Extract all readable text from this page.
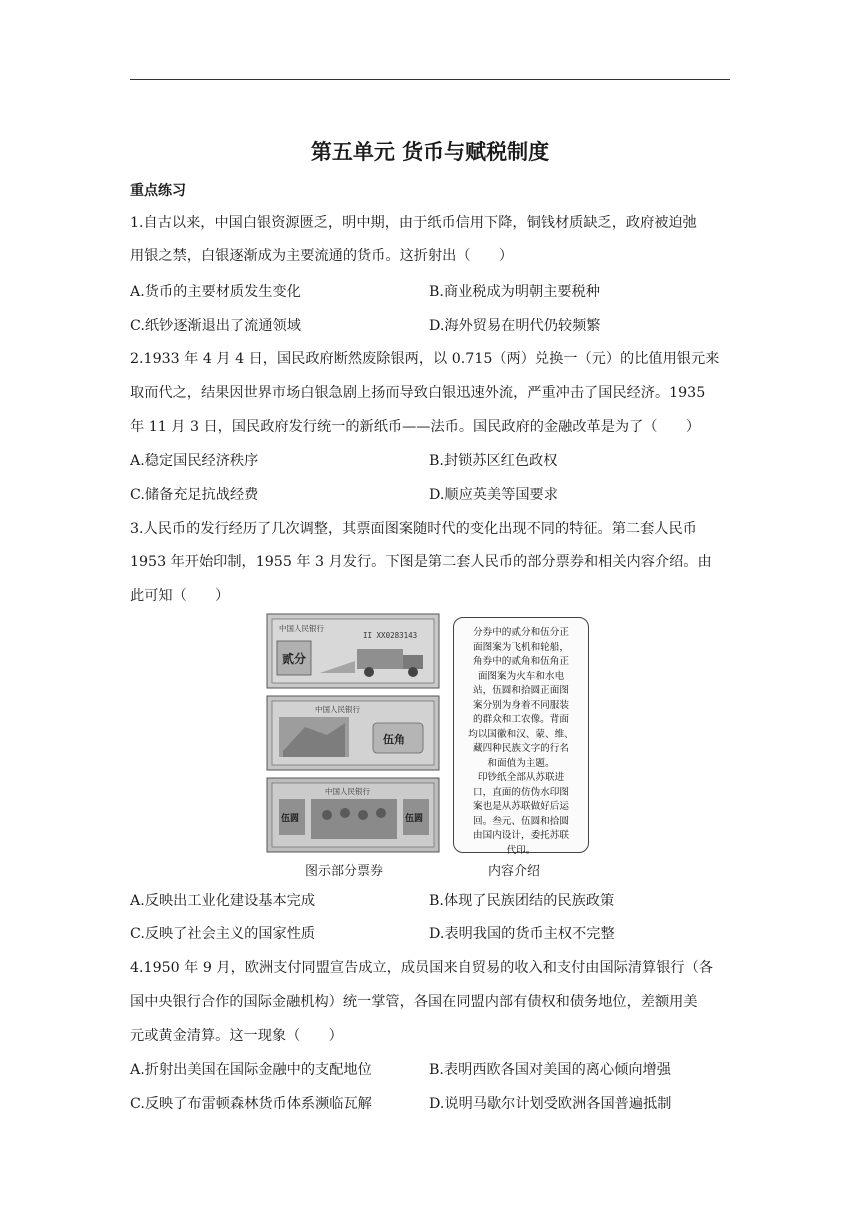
第五单元 货币与赋税制度
重点练习
1.自古以来，中国白银资源匮乏，明中期，由于纸币信用下降，铜钱材质缺乏，政府被迫弛
用银之禁，白银逐渐成为主要流通的货币。这折射出（　　）
A.货币的主要材质发生变化	B.商业税成为明朝主要税种
C.纸钞逐渐退出了流通领域	D.海外贸易在明代仍较频繁
2.1933 年 4 月 4 日，国民政府断然废除银两，以 0.715（两）兑换一（元）的比值用银元来
取而代之，结果因世界市场白银急剧上扬而导致白银迅速外流，严重冲击了国民经济。1935
年 11 月 3 日，国民政府发行统一的新纸币——法币。国民政府的金融改革是为了（　　）
A.稳定国民经济秩序	B.封锁苏区红色政权
C.储备充足抗战经费	D.顺应英美等国要求
3.人民币的发行经历了几次调整，其票面图案随时代的变化出现不同的特征。第二套人民币
1953 年开始印制，1955 年 3 月发行。下图是第二套人民币的部分票券和相关内容介绍。由
此可知（　　）
中国人民银行
II XX0283143
贰分
中国人民银行
伍角
中国人民银行
伍圆	伍圆
分券中的贰分和伍分正
面图案为飞机和轮船，
角券中的贰角和伍角正
面图案为火车和水电
站，伍圆和拾圆正面图
案分别为身着不同服装
的群众和工农像。背面
均以国徽和汉、蒙、维、
藏四种民族文字的行名
和面值为主题。
印钞纸全部从苏联进
口，直面的仿伪水印图
案也是从苏联做好后运
回。叁元、伍圆和拾圆
由国内设计，委托苏联
代印。
图示部分票券	内容介绍
A.反映出工业化建设基本完成	B.体现了民族团结的民族政策
C.反映了社会主义的国家性质	D.表明我国的货币主权不完整
4.1950 年 9 月，欧洲支付同盟宣告成立，成员国来自贸易的收入和支付由国际清算银行（各
国中央银行合作的国际金融机构）统一掌管，各国在同盟内部有债权和债务地位，差额用美
元或黄金清算。这一现象（　　）
A.折射出美国在国际金融中的支配地位	B.表明西欧各国对美国的离心倾向增强
C.反映了布雷顿森林货币体系濒临瓦解	D.说明马歇尔计划受欧洲各国普遍抵制
